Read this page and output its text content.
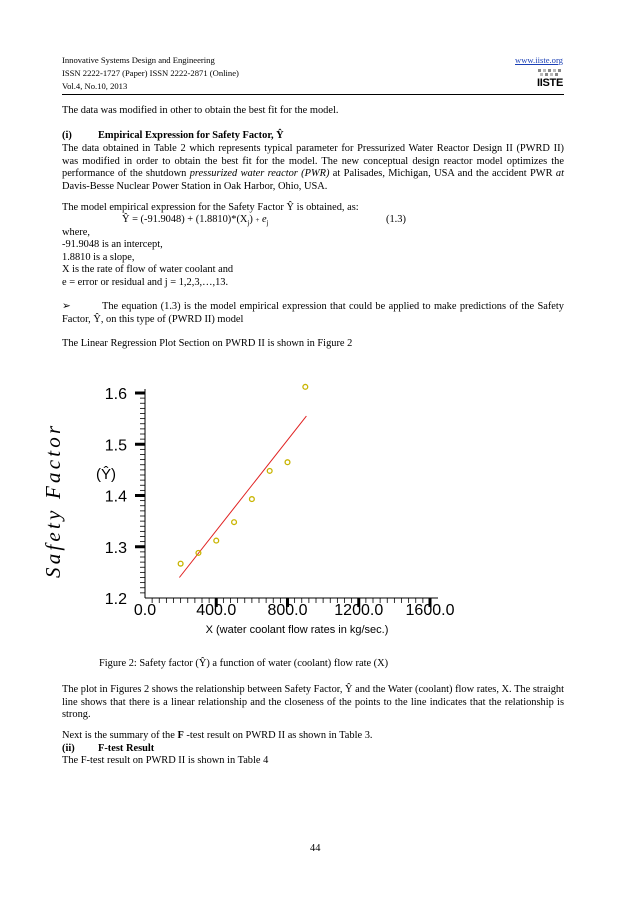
Innovative Systems Design and Engineering
ISSN 2222-1727 (Paper) ISSN 2222-2871 (Online)
Vol.4, No.10, 2013
www.iiste.org
IISTE
The data was modified in other to obtain the best fit for the model.
(i)	Empirical Expression for Safety Factor, Ŷ
The data obtained in Table 2 which represents typical parameter for Pressurized Water Reactor Design II (PWRD II) was modified in order to obtain the best fit for the model. The new conceptual design reactor model optimizes the performance of the shutdown pressurized water reactor (PWR) at Palisades, Michigan, USA and the accident PWR at Davis-Besse Nuclear Power Station in Oak Harbor, Ohio, USA.
The model empirical expression for the Safety Factor Ŷ is obtained, as:
Ŷ = $(-91.9048) + (1.8810)*(X_j) + e_j$	(1.3)
where,
-91.9048 is an intercept,
1.8810 is a slope,
X is the rate of flow of water coolant and
e = error or residual and j = 1,2,3,…,13.
➢	The equation (1.3) is the model empirical expression that could be applied to make predictions of the Safety Factor, Ŷ, on this type of (PWRD II) model
The Linear Regression Plot Section on PWRD II is shown in Figure 2
Safety Factor
1.2
1.3
1.4
1.5
1.6
0.0	400.0 800.0 1200.0 1600.0
(Ŷ)
X (water coolant flow rates in kg/sec.)
Figure 2: Safety factor (Ŷ) a function of water (coolant) flow rate (X)
The plot in Figures 2 shows the relationship between Safety Factor, Ŷ and the Water (coolant) flow rates, X. The straight line shows that there is a linear relationship and the closeness of the points to the line indicates that the relationship is strong.
Next is the summary of the F -test result on PWRD II as shown in Table 3.
(ii) F-test Result
The F-test result on PWRD II is shown in Table 4
44
